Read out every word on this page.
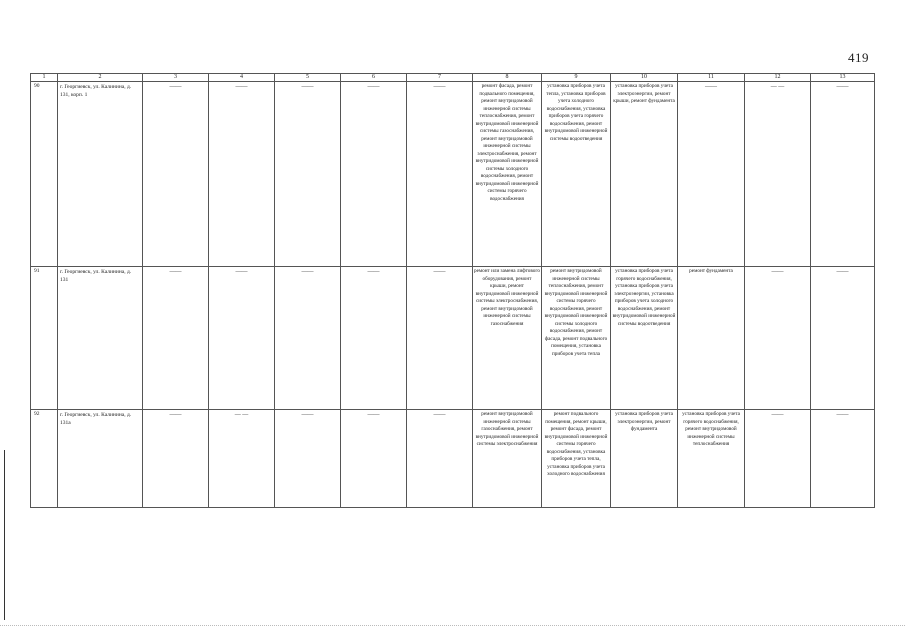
419
1	2	3	4	5	6	7	8	9	10	11	12	13
90	г. Георгиевск, ул. Калинина, д. 131, корп. 1	——	——	——	——	——	ремонт фасада, ремонт подвального помещения, ремонт внутридомовой инженерной системы теплоснабжения, ремонт внутридомовой инженерной системы газоснабжения, ремонт внутридомовой инженерной системы электроснабжения, ремонт внутридомовой инженерной системы холодного водоснабжения, ремонт внутридомовой инженерной системы горячего водоснабжения	установка приборов учета тепла, установка приборов учета холодного водоснабжения, установка приборов учета горячего водоснабжения, ремонт внутридомовой инженерной системы водоотведения	установка приборов учета электроэнергии, ремонт крыши, ремонт фундамента	——	— —	——
91	г. Георгиевск, ул. Калинина, д. 131	——	——	——	——	——	ремонт или замена лифтового оборудования, ремонт крыши, ремонт внутридомовой инженерной системы электроснабжения, ремонт внутридомовой инженерной системы газоснабжения	ремонт внутридомовой инженерной системы теплоснабжения, ремонт внутридомовой инженерной системы горячего водоснабжения, ремонт внутридомовой инженерной системы холодного водоснабжения, ремонт фасада, ремонт подвального помещения, установка приборов учета тепла	установка приборов учета горячего водоснабжения, установка приборов учета электроэнергии, установка приборов учета холодного водоснабжения, ремонт внутридомовой инженерной системы водоотведения	ремонт фундамента	——	——
92	г. Георгиевск, ул. Калинина, д. 131а	——	— —	——	——	——	ремонт внутридомовой инженерной системы газоснабжения, ремонт внутридомовой инженерной системы электроснабжения	ремонт подвального помещения, ремонт крыши, ремонт фасада, ремонт внутридомовой инженерной системы горячего водоснабжения, установка приборов учета тепла, установка приборов учета холодного водоснабжения	установка приборов учета электроэнергии, ремонт фундамента	установка приборов учета горячего водоснабжения, ремонт внутридомовой инженерной системы теплоснабжения	——	——
